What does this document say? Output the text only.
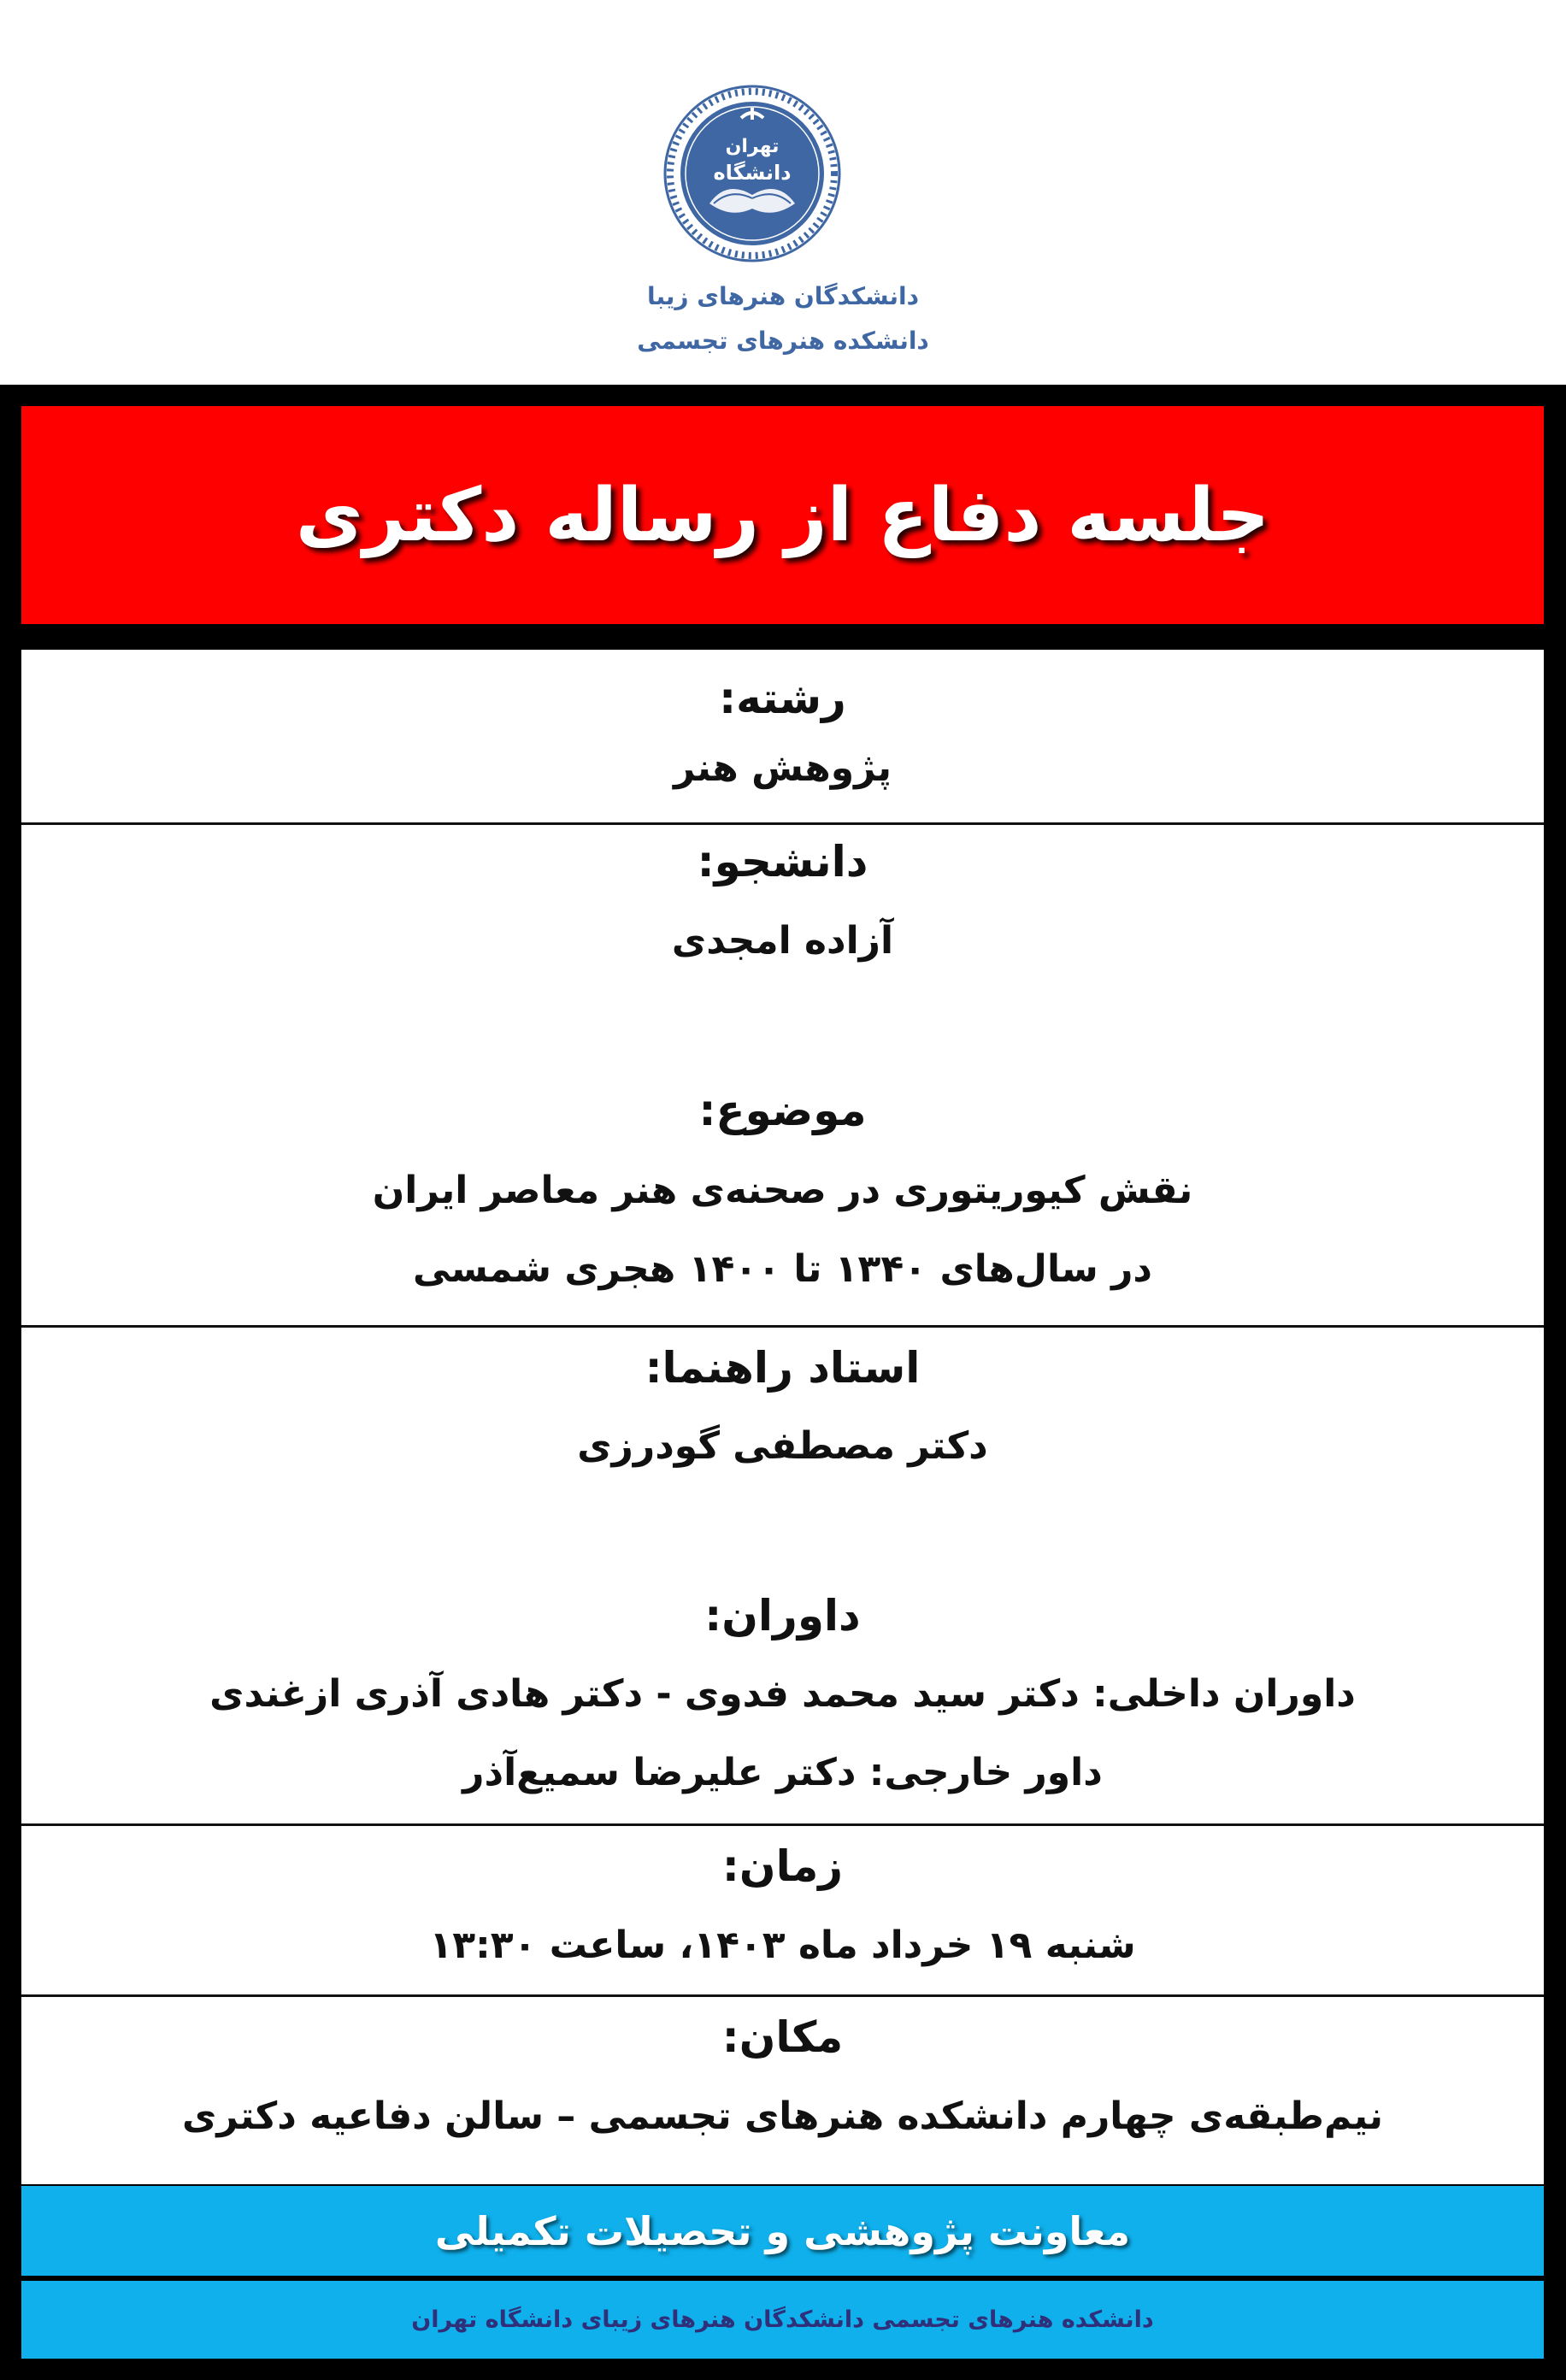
تهران
دانشگاه
دانشکدگان هنرهای زیبا
دانشکده هنرهای تجسمی
جلسه دفاع از رساله دکتری
رشته:
پژوهش هنر
دانشجو:
آزاده امجدی
موضوع:
نقش کیوریتوری در صحنه‌ی هنر معاصر ایران
در سال‌های ۱۳۴۰ تا ۱۴۰۰ هجری شمسی
استاد راهنما:
دکتر مصطفی گودرزی
داوران:
داوران داخلی: دکتر سید محمد فدوی - دکتر هادی آذری ازغندی
داور خارجی: دکتر علیرضا سمیع‌آذر
زمان:
شنبه ۱۹ خرداد ماه ۱۴۰۳، ساعت ۱۳:۳۰
مکان:
نیم‌طبقه‌ی چهارم دانشکده هنرهای تجسمی – سالن دفاعیه دکتری
معاونت پژوهشی و تحصیلات تکمیلی
دانشکده هنرهای تجسمی دانشکدگان هنرهای زیبای دانشگاه تهران
